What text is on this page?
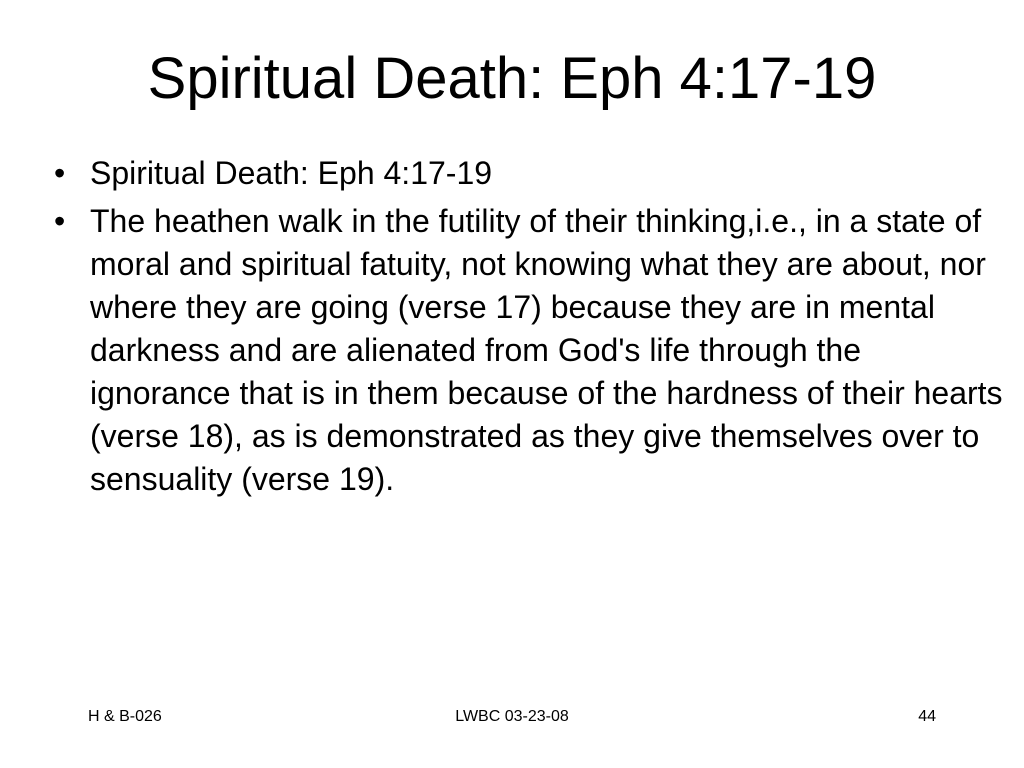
Spiritual Death: Eph 4:17-19
• Spiritual Death: Eph 4:17-19
• The heathen walk in the futility of their thinking,i.e., in a state of moral and spiritual fatuity, not knowing what they are about, nor where they are going (verse 17) because they are in mental darkness and are alienated from God's life through the ignorance that is in them because of the hardness of their hearts (verse 18), as is demonstrated as they give themselves over to sensuality (verse 19).
H & B-026	LWBC 03-23-08	44
